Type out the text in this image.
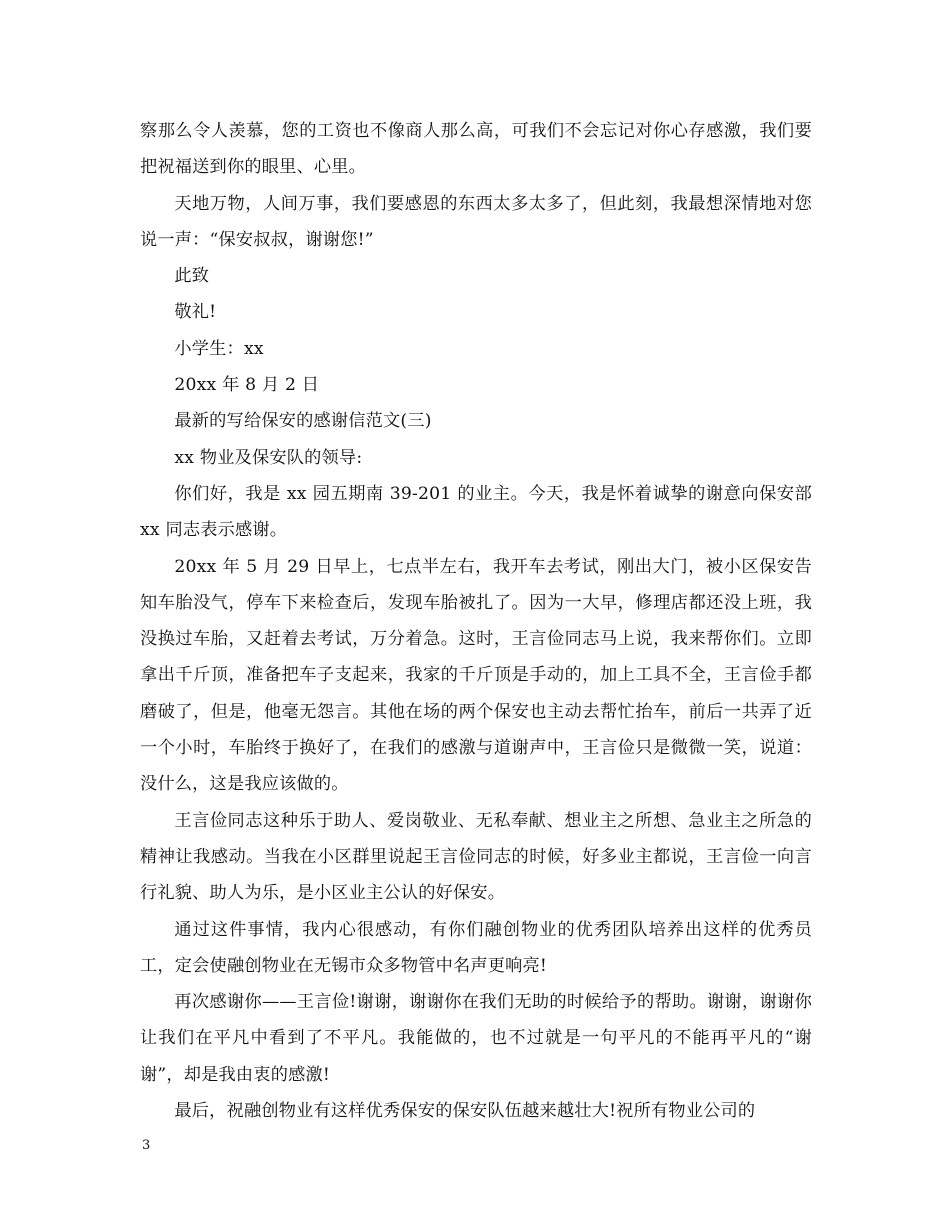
察那么令人羡慕，您的工资也不像商人那么高，可我们不会忘记对你心存感激，我们要把祝福送到你的眼里、心里。

天地万物，人间万事，我们要感恩的东西太多太多了，但此刻，我最想深情地对您说一声：“保安叔叔，谢谢您!”

此致

敬礼!

小学生：xx

20xx 年 8 月 2 日

最新的写给保安的感谢信范文(三)

xx 物业及保安队的领导:

你们好，我是 xx 园五期南 39-201 的业主。今天，我是怀着诚挚的谢意向保安部 xx 同志表示感谢。

20xx 年 5 月 29 日早上，七点半左右，我开车去考试，刚出大门，被小区保安告知车胎没气，停车下来检查后，发现车胎被扎了。因为一大早，修理店都还没上班，我没换过车胎，又赶着去考试，万分着急。这时，王言俭同志马上说，我来帮你们。立即拿出千斤顶，准备把车子支起来，我家的千斤顶是手动的，加上工具不全，王言俭手都磨破了，但是，他毫无怨言。其他在场的两个保安也主动去帮忙抬车，前后一共弄了近一个小时，车胎终于换好了，在我们的感激与道谢声中，王言俭只是微微一笑，说道：没什么，这是我应该做的。

王言俭同志这种乐于助人、爱岗敬业、无私奉献、想业主之所想、急业主之所急的精神让我感动。当我在小区群里说起王言俭同志的时候，好多业主都说，王言俭一向言行礼貌、助人为乐，是小区业主公认的好保安。

通过这件事情，我内心很感动，有你们融创物业的优秀团队培养出这样的优秀员工，定会使融创物业在无锡市众多物管中名声更响亮!

再次感谢你——王言俭!谢谢，谢谢你在我们无助的时候给予的帮助。谢谢，谢谢你让我们在平凡中看到了不平凡。我能做的，也不过就是一句平凡的不能再平凡的“谢谢”，却是我由衷的感激!

最后，祝融创物业有这样优秀保安的保安队伍越来越壮大!祝所有物业公司的

3
